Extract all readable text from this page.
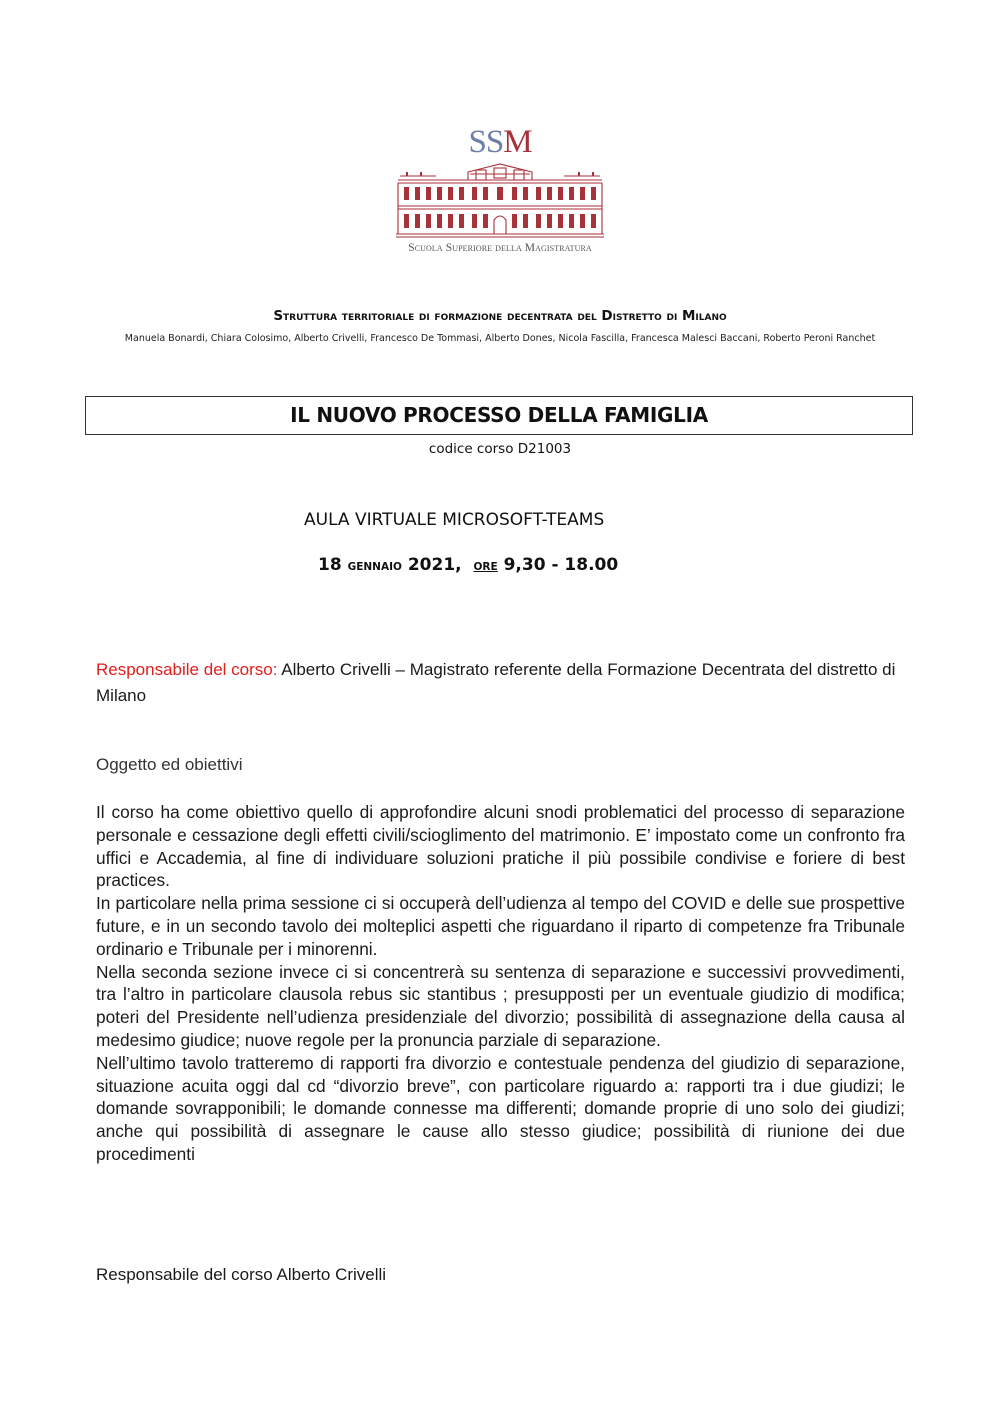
SSM
Scuola Superiore della Magistratura
Struttura territoriale di formazione decentrata del Distretto di Milano
Manuela Bonardi, Chiara Colosimo, Alberto Crivelli, Francesco De Tommasi, Alberto Dones, Nicola Fascilla, Francesca Malesci Baccani, Roberto Peroni Ranchet
IL NUOVO PROCESSO DELLA FAMIGLIA
codice corso D21003
AULA VIRTUALE MICROSOFT-TEAMS
18 GENNAIO 2021, ORE 9,30 - 18.00
Responsabile del corso: Alberto Crivelli – Magistrato referente della Formazione Decentrata del distretto di Milano
Oggetto ed obiettivi

Il corso ha come obiettivo quello di approfondire alcuni snodi problematici del processo di separazione personale e cessazione degli effetti civili/scioglimento del matrimonio. E’ impostato come un confronto fra uffici e Accademia, al fine di individuare soluzioni pratiche il più possibile condivise e foriere di best practices.

In particolare nella prima sessione ci si occuperà dell’udienza al tempo del COVID e delle sue prospettive future, e in un secondo tavolo dei molteplici aspetti che riguardano il riparto di competenze fra Tribunale ordinario e Tribunale per i minorenni.

Nella seconda sezione invece ci si concentrerà su sentenza di separazione e successivi provvedimenti, tra l’altro in particolare clausola rebus sic stantibus ; presupposti per un eventuale giudizio di modifica; poteri del Presidente nell’udienza presidenziale del divorzio; possibilità di assegnazione della causa al medesimo giudice; nuove regole per la pronuncia parziale di separazione.

Nell’ultimo tavolo tratteremo di rapporti fra divorzio e contestuale pendenza del giudizio di separazione, situazione acuita oggi dal cd “divorzio breve”, con particolare riguardo a: rapporti tra i due giudizi; le domande sovrapponibili; le domande connesse ma differenti; domande proprie di uno solo dei giudizi; anche qui possibilità di assegnare le cause allo stesso giudice; possibilità di riunione dei due procedimenti

Responsabile del corso Alberto Crivelli
